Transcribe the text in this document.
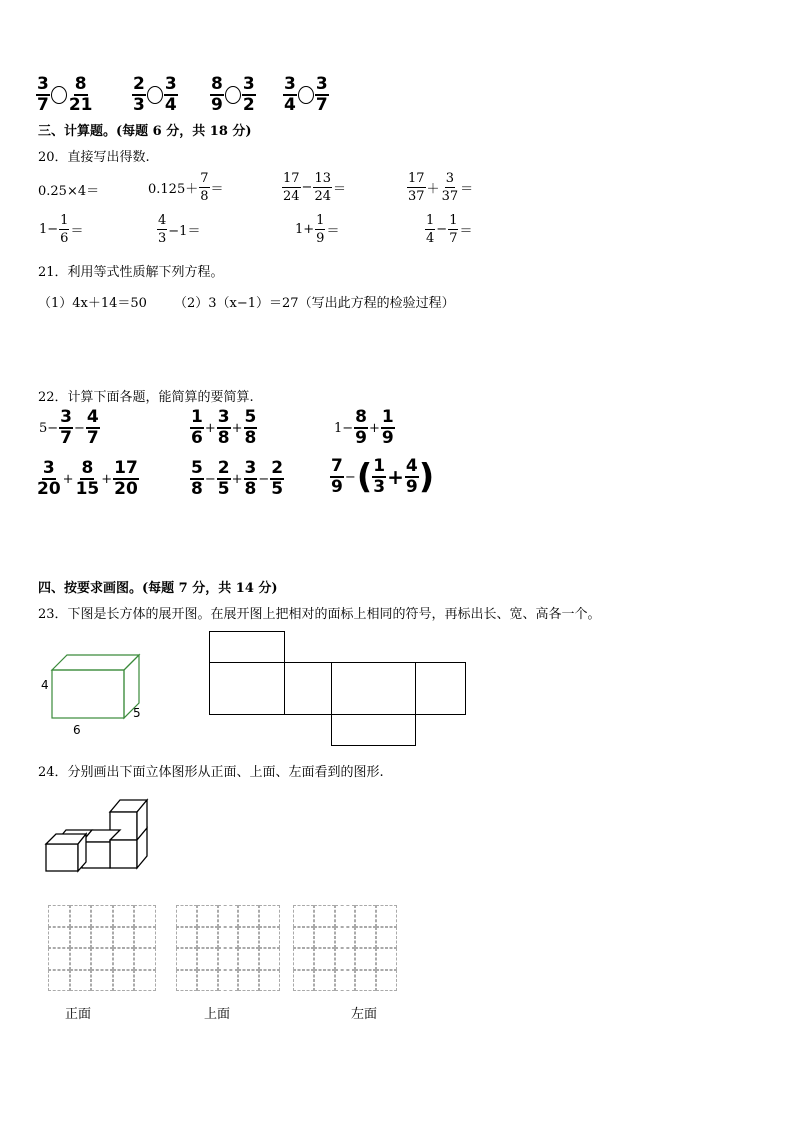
$\frac{3}{7} \frac{8}{21} \frac{2}{3} \frac{3}{4} \frac{8}{9} \frac{3}{2} \frac{3}{4} \frac{3}{7}$
三、计算题。(每题 6 分，共 18 分)
20．直接写出得数.
0.25×4＝	$0.125+ \frac{7}{8}$ ＝	$\frac{17}{24} - \frac{13}{24}$ ＝	$\frac{17}{37} + \frac{3}{37}$ ＝
$1- \frac{1}{6}$ ＝	$\frac{4}{3} -1=$	$1+ \frac{1}{9}$ ＝	$\frac{1}{4} - \frac{1}{7}$ ＝
21．利用等式性质解下列方程。
（1）4x＋14＝50 （2）3（x−1）＝27（写出此方程的检验过程）
22．计算下面各题，能简算的要简算.
$5- \frac{3}{7} - \frac{4}{7}$	$\frac{1}{6} + \frac{3}{8} + \frac{5}{8}$	$1- \frac{8}{9} + \frac{1}{9}$
$\frac{3}{20} + \frac{8}{15} + \frac{17}{20}$	$\frac{5}{8} - \frac{2}{5} + \frac{3}{8} - \frac{2}{5}$	$\frac{7}{9}$ − ( $\frac{1}{3} + \frac{4}{9}$ )
四、按要求画图。(每题 7 分，共 14 分)
23．下图是长方体的展开图。在展开图上把相对的面标上相同的符号，再标出长、宽、高各一个。
4
5
6
24．分别画出下面立体图形从正面、上面、左面看到的图形.
正面	上面	左面
